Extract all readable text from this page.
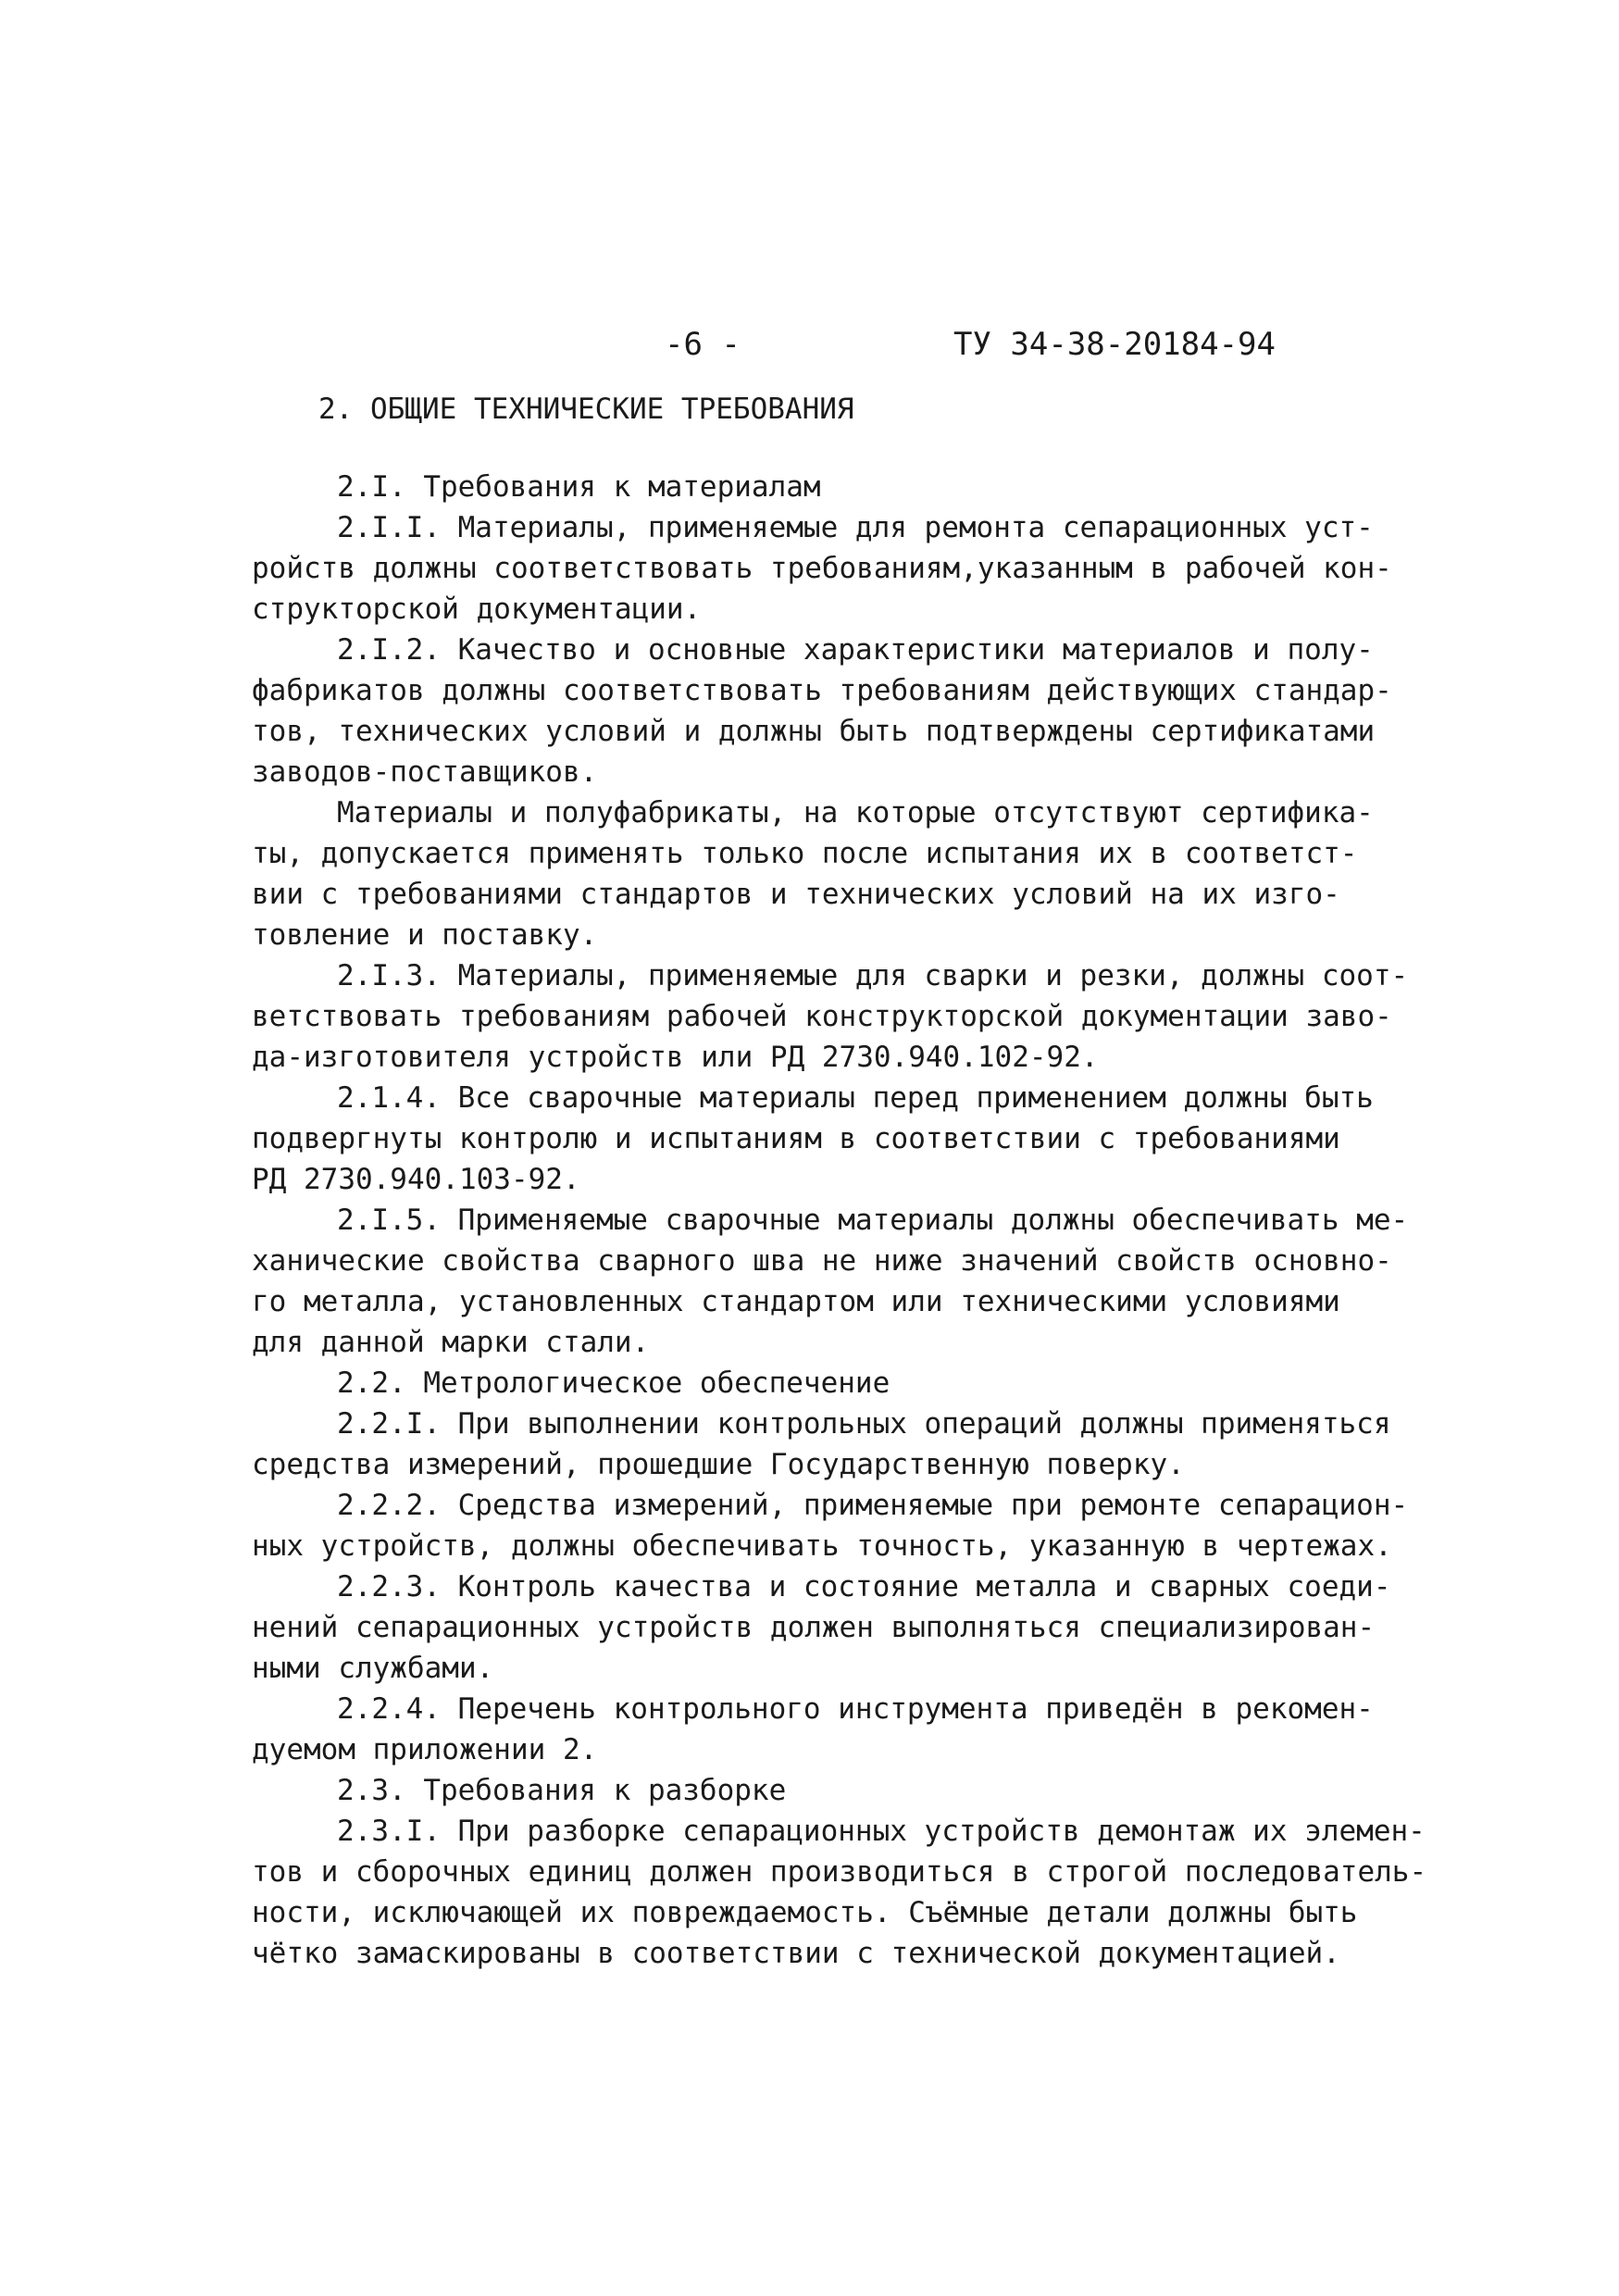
-6 -	ТУ 34-38-20184-94
2. ОБЩИЕ ТЕХНИЧЕСКИЕ ТРЕБОВАНИЯ
2.I. Требования к материалам
2.I.I. Материалы, применяемые для ремонта сепарационных уст-
ройств должны соответствовать требованиям,указанным в рабочей кон-
структорской документации.
2.I.2. Качество и основные характеристики материалов и полу-
фабрикатов должны соответствовать требованиям действующих стандар-
тов, технических условий и должны быть подтверждены сертификатами
заводов-поставщиков.
Материалы и полуфабрикаты, на которые отсутствуют сертифика-
ты, допускается применять только после испытания их в соответст-
вии с требованиями стандартов и технических условий на их изго-
товление и поставку.
2.I.3. Материалы, применяемые для сварки и резки, должны соот-
ветствовать требованиям рабочей конструкторской документации заво-
да-изготовителя устройств или РД 2730.940.102-92.
2.1.4. Все сварочные материалы перед применением должны быть
подвергнуты контролю и испытаниям в соответствии с требованиями
РД 2730.940.103-92.
2.I.5. Применяемые сварочные материалы должны обеспечивать ме-
ханические свойства сварного шва не ниже значений свойств основно-
го металла, установленных стандартом или техническими условиями
для данной марки стали.
2.2. Метрологическое обеспечение
2.2.I. При выполнении контрольных операций должны применяться
средства измерений, прошедшие Государственную поверку.
2.2.2. Средства измерений, применяемые при ремонте сепарацион-
ных устройств, должны обеспечивать точность, указанную в чертежах.
2.2.3. Контроль качества и состояние металла и сварных соеди-
нений сепарационных устройств должен выполняться специализирован-
ными службами.
2.2.4. Перечень контрольного инструмента приведён в рекомен-
дуемом приложении 2.
2.3. Требования к разборке
2.3.I. При разборке сепарационных устройств демонтаж их элемен-
тов и сборочных единиц должен производиться в строгой последователь-
ности, исключающей их повреждаемость. Съёмные детали должны быть
чётко замаскированы в соответствии с технической документацией.
